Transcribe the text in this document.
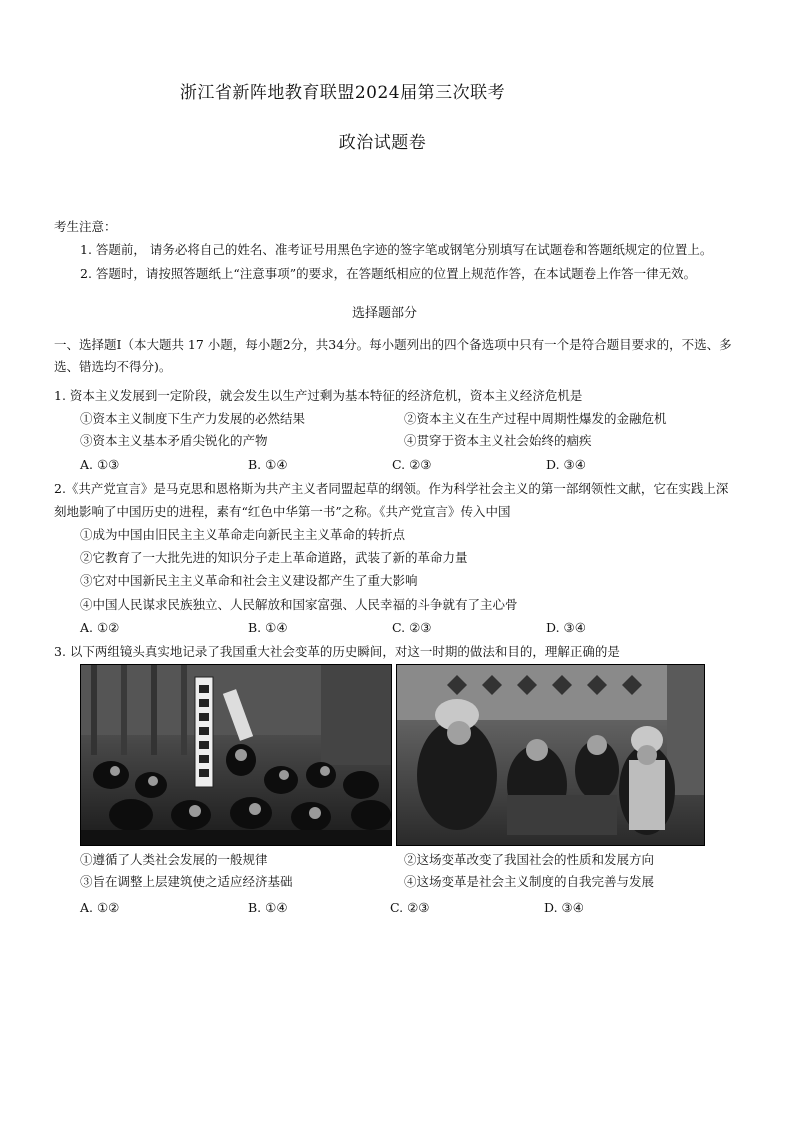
浙江省新阵地教育联盟2024届第三次联考
政治试题卷
考生注意：
1. 答题前， 请务必将自己的姓名、准考证号用黑色字迹的签字笔或钢笔分别填写在试题卷和答题纸规定的位置上。
2. 答题时，请按照答题纸上“注意事项”的要求，在答题纸相应的位置上规范作答，在本试题卷上作答一律无效。
选择题部分
一、选择题Ⅰ（本大题共 17 小题，每小题2分，共34分。每小题列出的四个备选项中只有一个是符合题目要求的，不选、多
选、错选均不得分)。
1. 资本主义发展到一定阶段，就会发生以生产过剩为基本特征的经济危机，资本主义经济危机是
①资本主义制度下生产力发展的必然结果	②资本主义在生产过程中周期性爆发的金融危机
③资本主义基本矛盾尖锐化的产物	④贯穿于资本主义社会始终的痼疾
A. ①③	B. ①④	C. ②③	D. ③④
2.《共产党宣言》是马克思和恩格斯为共产主义者同盟起草的纲领。作为科学社会主义的第一部纲领性文献，它在实践上深
刻地影响了中国历史的进程，素有“红色中华第一书”之称。《共产党宣言》传入中国
①成为中国由旧民主主义革命走向新民主主义革命的转折点
②它教育了一大批先进的知识分子走上革命道路，武装了新的革命力量
③它对中国新民主主义革命和社会主义建设都产生了重大影响
④中国人民谋求民族独立、人民解放和国家富强、人民幸福的斗争就有了主心骨
A. ①②	B. ①④	C. ②③	D. ③④
3. 以下两组镜头真实地记录了我国重大社会变革的历史瞬间，对这一时期的做法和目的，理解正确的是
①遵循了人类社会发展的一般规律	②这场变革改变了我国社会的性质和发展方向
③旨在调整上层建筑使之适应经济基础	④这场变革是社会主义制度的自我完善与发展
A. ①②	B. ①④	C. ②③	D. ③④
